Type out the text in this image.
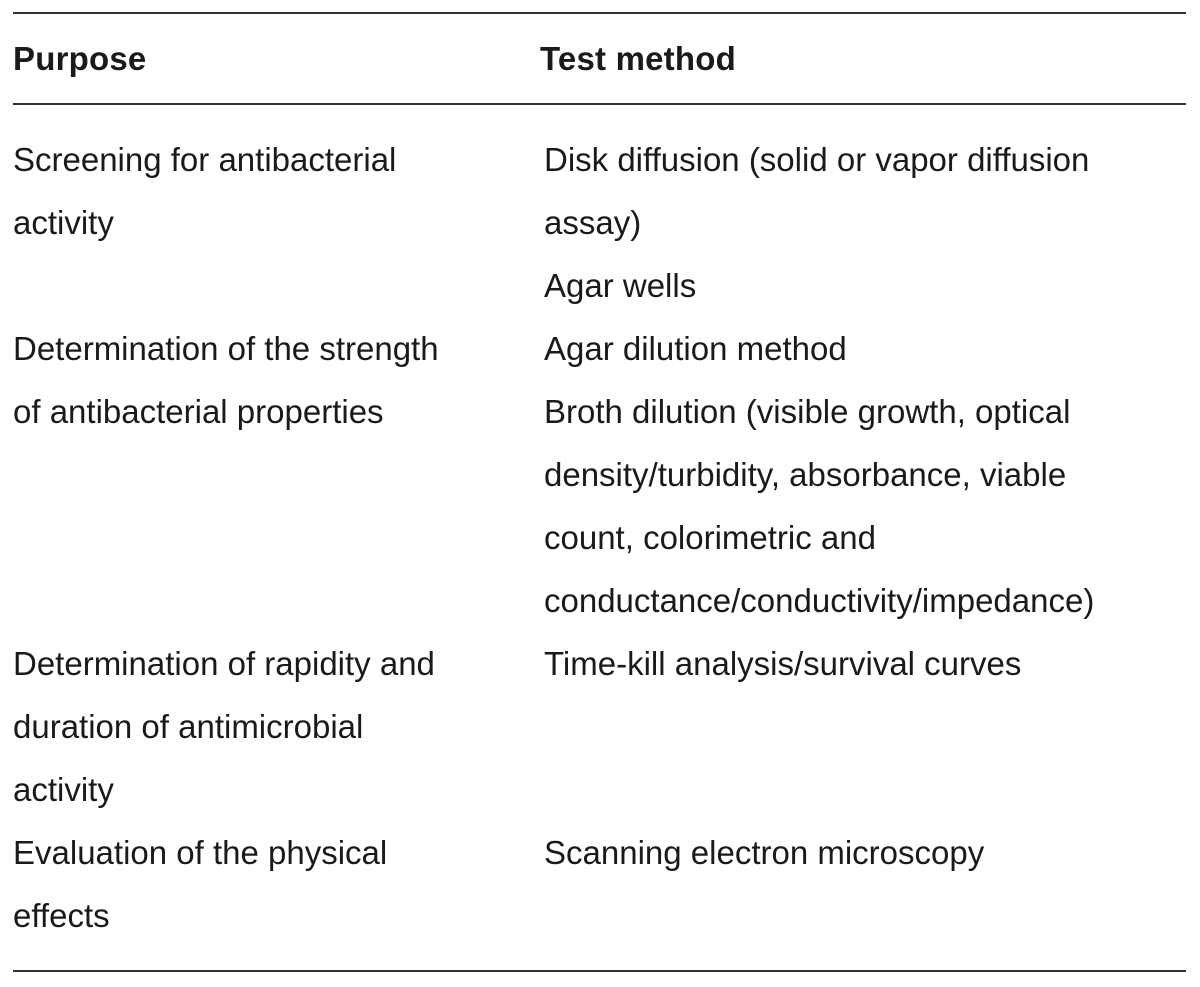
Purpose	Test method
Screening for antibacterial
activity
Disk diffusion (solid or vapor diffusion
assay)
Agar wells
Determination of the strength
of antibacterial properties
Agar dilution method
Broth dilution (visible growth, optical
density/turbidity, absorbance, viable
count, colorimetric and
conductance/conductivity/impedance)
Determination of rapidity and
duration of antimicrobial
activity
Time-kill analysis/survival curves
Evaluation of the physical
effects
Scanning electron microscopy
